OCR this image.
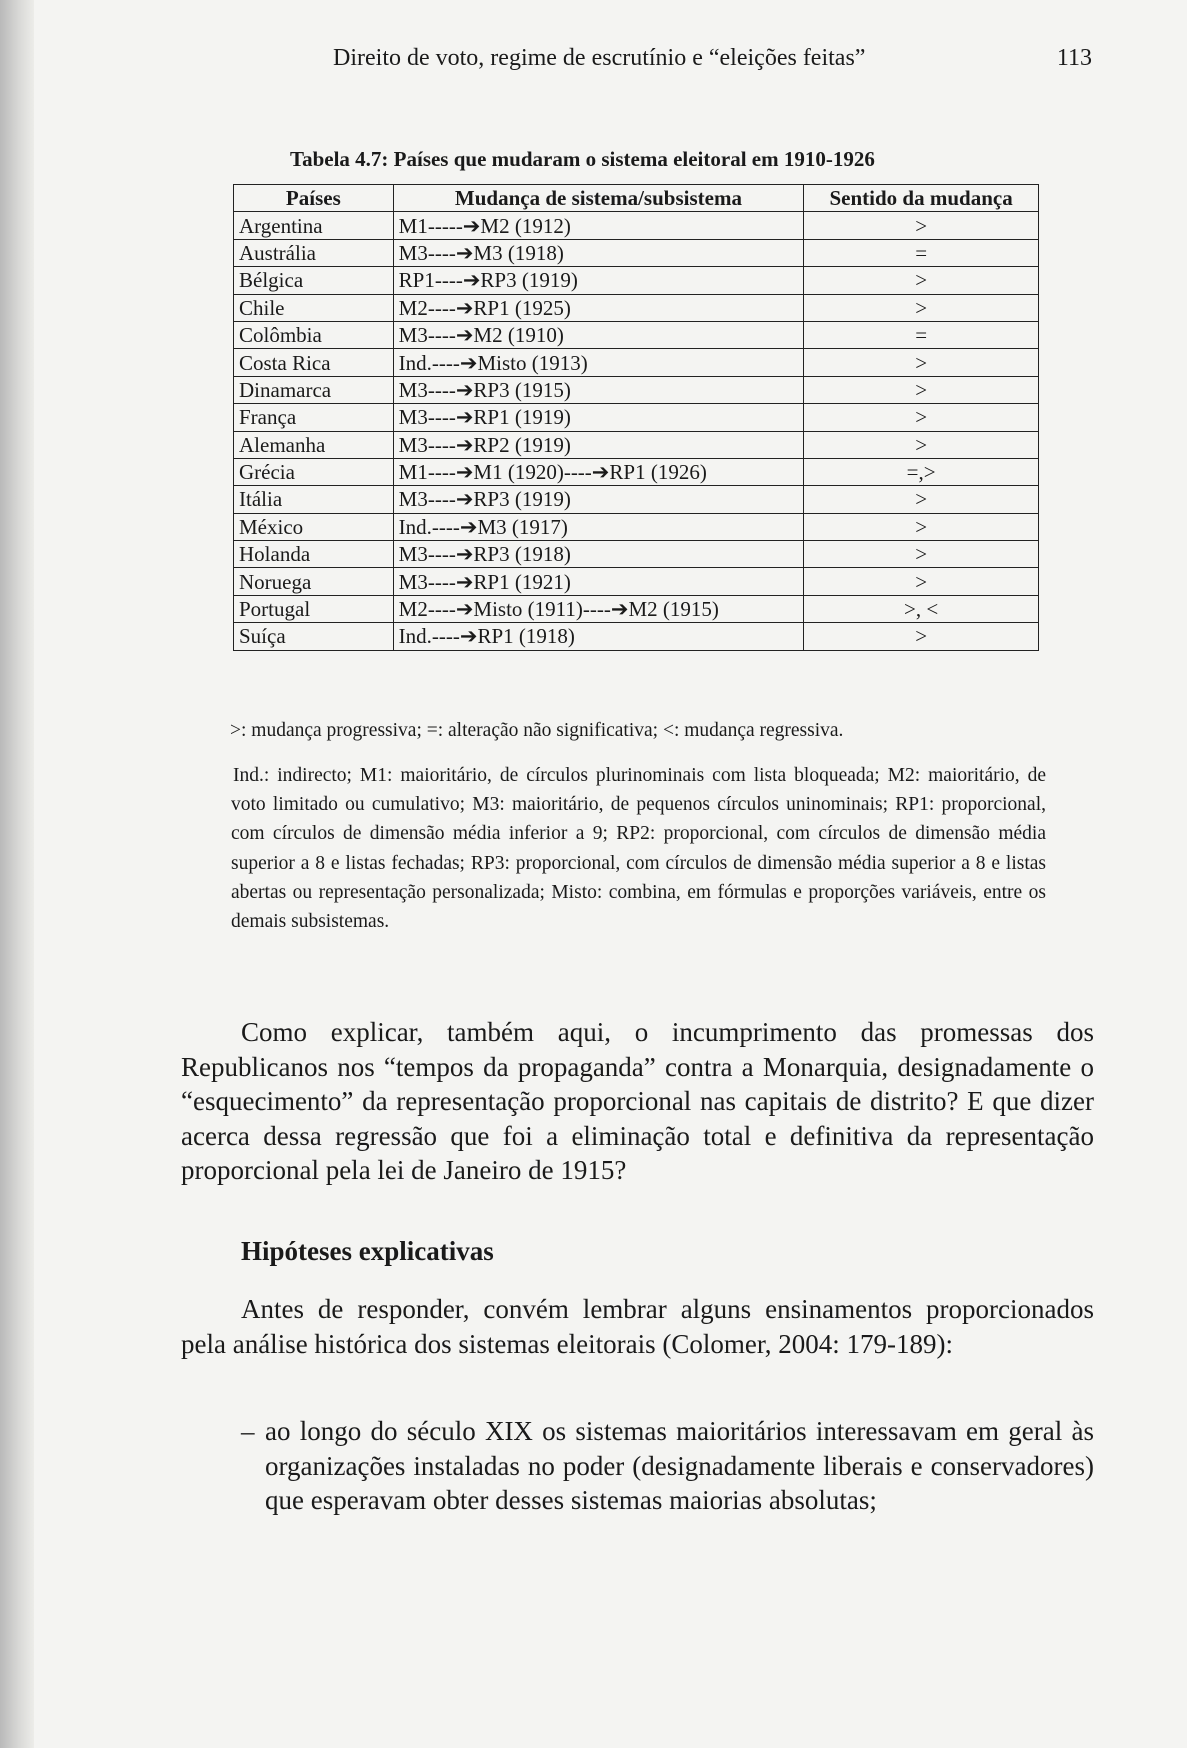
Direito de voto, regime de escrutínio e “eleições feitas”	113
Tabela 4.7: Países que mudaram o sistema eleitoral em 1910-1926
Países	Mudança de sistema/subsistema	Sentido da mudança
Argentina	M1-----➔M2 (1912)	>
Austrália	M3----➔M3 (1918)	=
Bélgica	RP1----➔RP3 (1919)	>
Chile	M2----➔RP1 (1925)	>
Colômbia	M3----➔M2 (1910)	=
Costa Rica	Ind.----➔Misto (1913)	>
Dinamarca	M3----➔RP3 (1915)	>
França	M3----➔RP1 (1919)	>
Alemanha	M3----➔RP2 (1919)	>
Grécia	M1----➔M1 (1920)----➔RP1 (1926)	=,>
Itália	M3----➔RP3 (1919)	>
México	Ind.----➔M3 (1917)	>
Holanda	M3----➔RP3 (1918)	>
Noruega	M3----➔RP1 (1921)	>
Portugal	M2----➔Misto (1911)----➔M2 (1915)	>, <
Suíça	Ind.----➔RP1 (1918)	>
>: mudança progressiva; =: alteração não significativa; <: mudança regressiva.
Ind.: indirecto; M1: maioritário, de círculos plurinominais com lista bloqueada; M2: maioritário, de voto limitado ou cumulativo; M3: maioritário, de pequenos círculos uninominais; RP1: proporcional, com círculos de dimensão média inferior a 9; RP2: proporcional, com círculos de dimensão média superior a 8 e listas fechadas; RP3: proporcional, com círculos de dimensão média superior a 8 e listas abertas ou representação personalizada; Misto: combina, em fórmulas e proporções variáveis, entre os demais subsistemas.
Como explicar, também aqui, o incumprimento das promessas dos Republicanos nos “tempos da propaganda” contra a Monarquia, designadamente o “esquecimento” da representação proporcional nas capitais de distrito? E que dizer acerca dessa regressão que foi a eliminação total e definitiva da representação proporcional pela lei de Janeiro de 1915?
Hipóteses explicativas
Antes de responder, convém lembrar alguns ensinamentos proporcionados pela análise histórica dos sistemas eleitorais (Colomer, 2004: 179-189):
– ao longo do século XIX os sistemas maioritários interessavam em geral às organizações instaladas no poder (designadamente liberais e conservadores) que esperavam obter desses sistemas maiorias absolutas;
